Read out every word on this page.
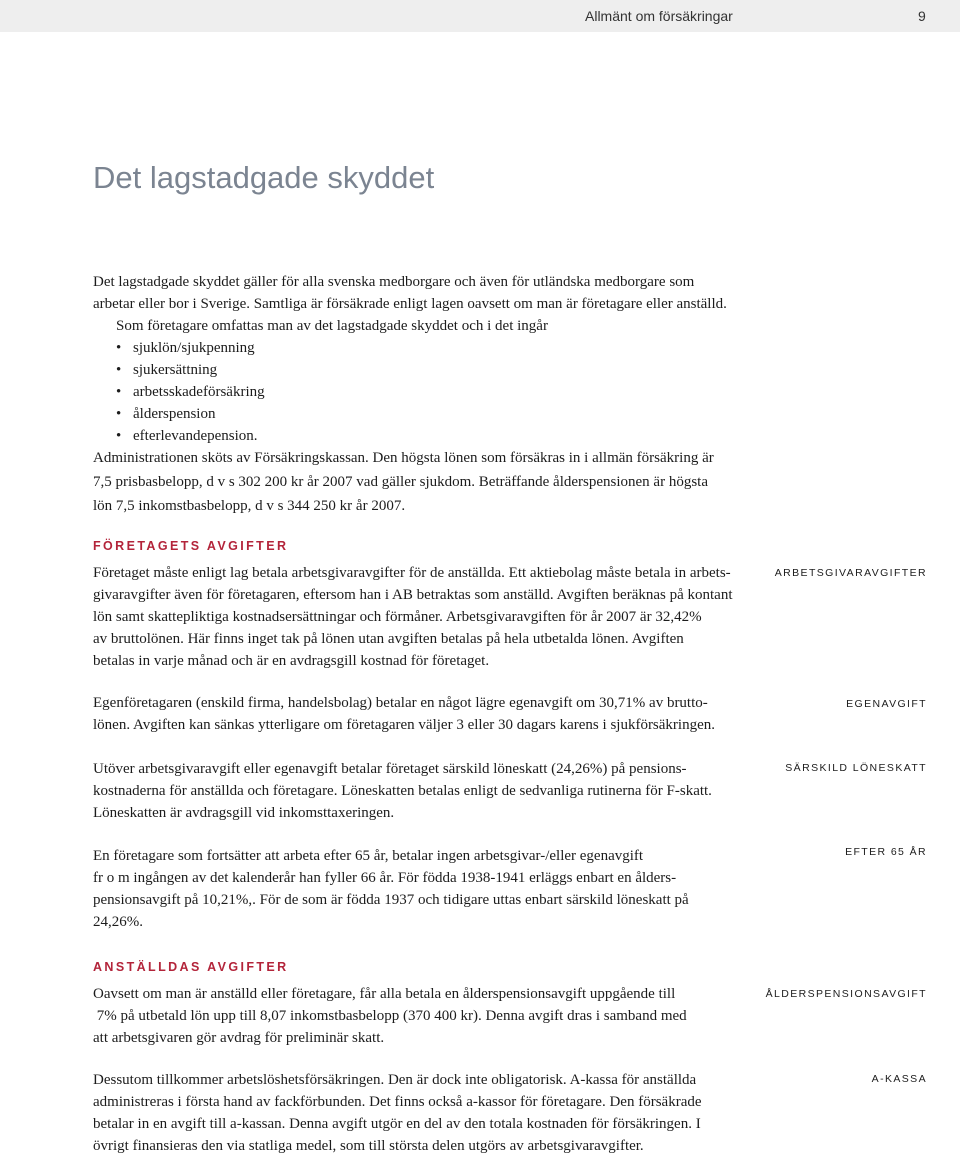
Allmänt om försäkringar	9
Det lagstadgade skyddet

Det lagstadgade skyddet gäller för alla svenska medborgare och även för utländska medborgare som

arbetar eller bor i Sverige. Samtliga är försäkrade enligt lagen oavsett om man är företagare eller anställd.

Som företagare omfattas man av det lagstadgade skyddet och i det ingår

• sjuklön/sjukpenning
• sjukersättning
• arbetsskadeförsäkring
• ålderspension
• efterlevandepension.

Administrationen sköts av Försäkringskassan. Den högsta lönen som försäkras in i allmän försäkring är

7,5 prisbasbelopp, d v s 302 200 kr år 2007 vad gäller sjukdom. Beträffande ålderspensionen är högsta

lön 7,5 inkomstbasbelopp, d v s 344 250 kr år 2007.

FÖRETAGETS AVGIFTER

Företaget måste enligt lag betala arbetsgivaravgifter för de anställda. Ett aktiebolag måste betala in arbets-

givaravgifter även för företagaren, eftersom han i AB betraktas som anställd. Avgiften beräknas på kontant

lön samt skattepliktiga kostnadsersättningar och förmåner. Arbetsgivaravgiften för år 2007 är 32,42%

av bruttolönen. Här finns inget tak på lönen utan avgiften betalas på hela utbetalda lönen. Avgiften

betalas in varje månad och är en avdragsgill kostnad för företaget.

ARBETSGIVARAVGIFTER

Egenföretagaren (enskild firma, handelsbolag) betalar en något lägre egenavgift om 30,71% av brutto-

lönen. Avgiften kan sänkas ytterligare om företagaren väljer 3 eller 30 dagars karens i sjukförsäkringen.

EGENAVGIFT

Utöver arbetsgivaravgift eller egenavgift betalar företaget särskild löneskatt (24,26%) på pensions-

kostnaderna för anställda och företagare. Löneskatten betalas enligt de sedvanliga rutinerna för F-skatt.

Löneskatten är avdragsgill vid inkomsttaxeringen.

SÄRSKILD LÖNESKATT

En företagare som fortsätter att arbeta efter 65 år, betalar ingen arbetsgivar-/eller egenavgift

fr o m ingången av det kalenderår han fyller 66 år. För födda 1938-1941 erläggs enbart en ålders-

pensionsavgift på 10,21%,. För de som är födda 1937 och tidigare uttas enbart särskild löneskatt på

24,26%.

EFTER 65 ÅR
ANSTÄLLDAS AVGIFTER

Oavsett om man är anställd eller företagare, får alla betala en ålderspensionsavgift uppgående till

7% på utbetald lön upp till 8,07 inkomstbasbelopp (370 400 kr). Denna avgift dras i samband med

att arbetsgivaren gör avdrag för preliminär skatt.

ÅLDERSPENSIONSAVGIFT

Dessutom tillkommer arbetslöshetsförsäkringen. Den är dock inte obligatorisk. A-kassa för anställda

administreras i första hand av fackförbunden. Det finns också a-kassor för företagare. Den försäkrade

betalar in en avgift till a-kassan. Denna avgift utgör en del av den totala kostnaden för försäkringen. I

övrigt finansieras den via statliga medel, som till största delen utgörs av arbetsgivaravgifter.

A-KASSA
